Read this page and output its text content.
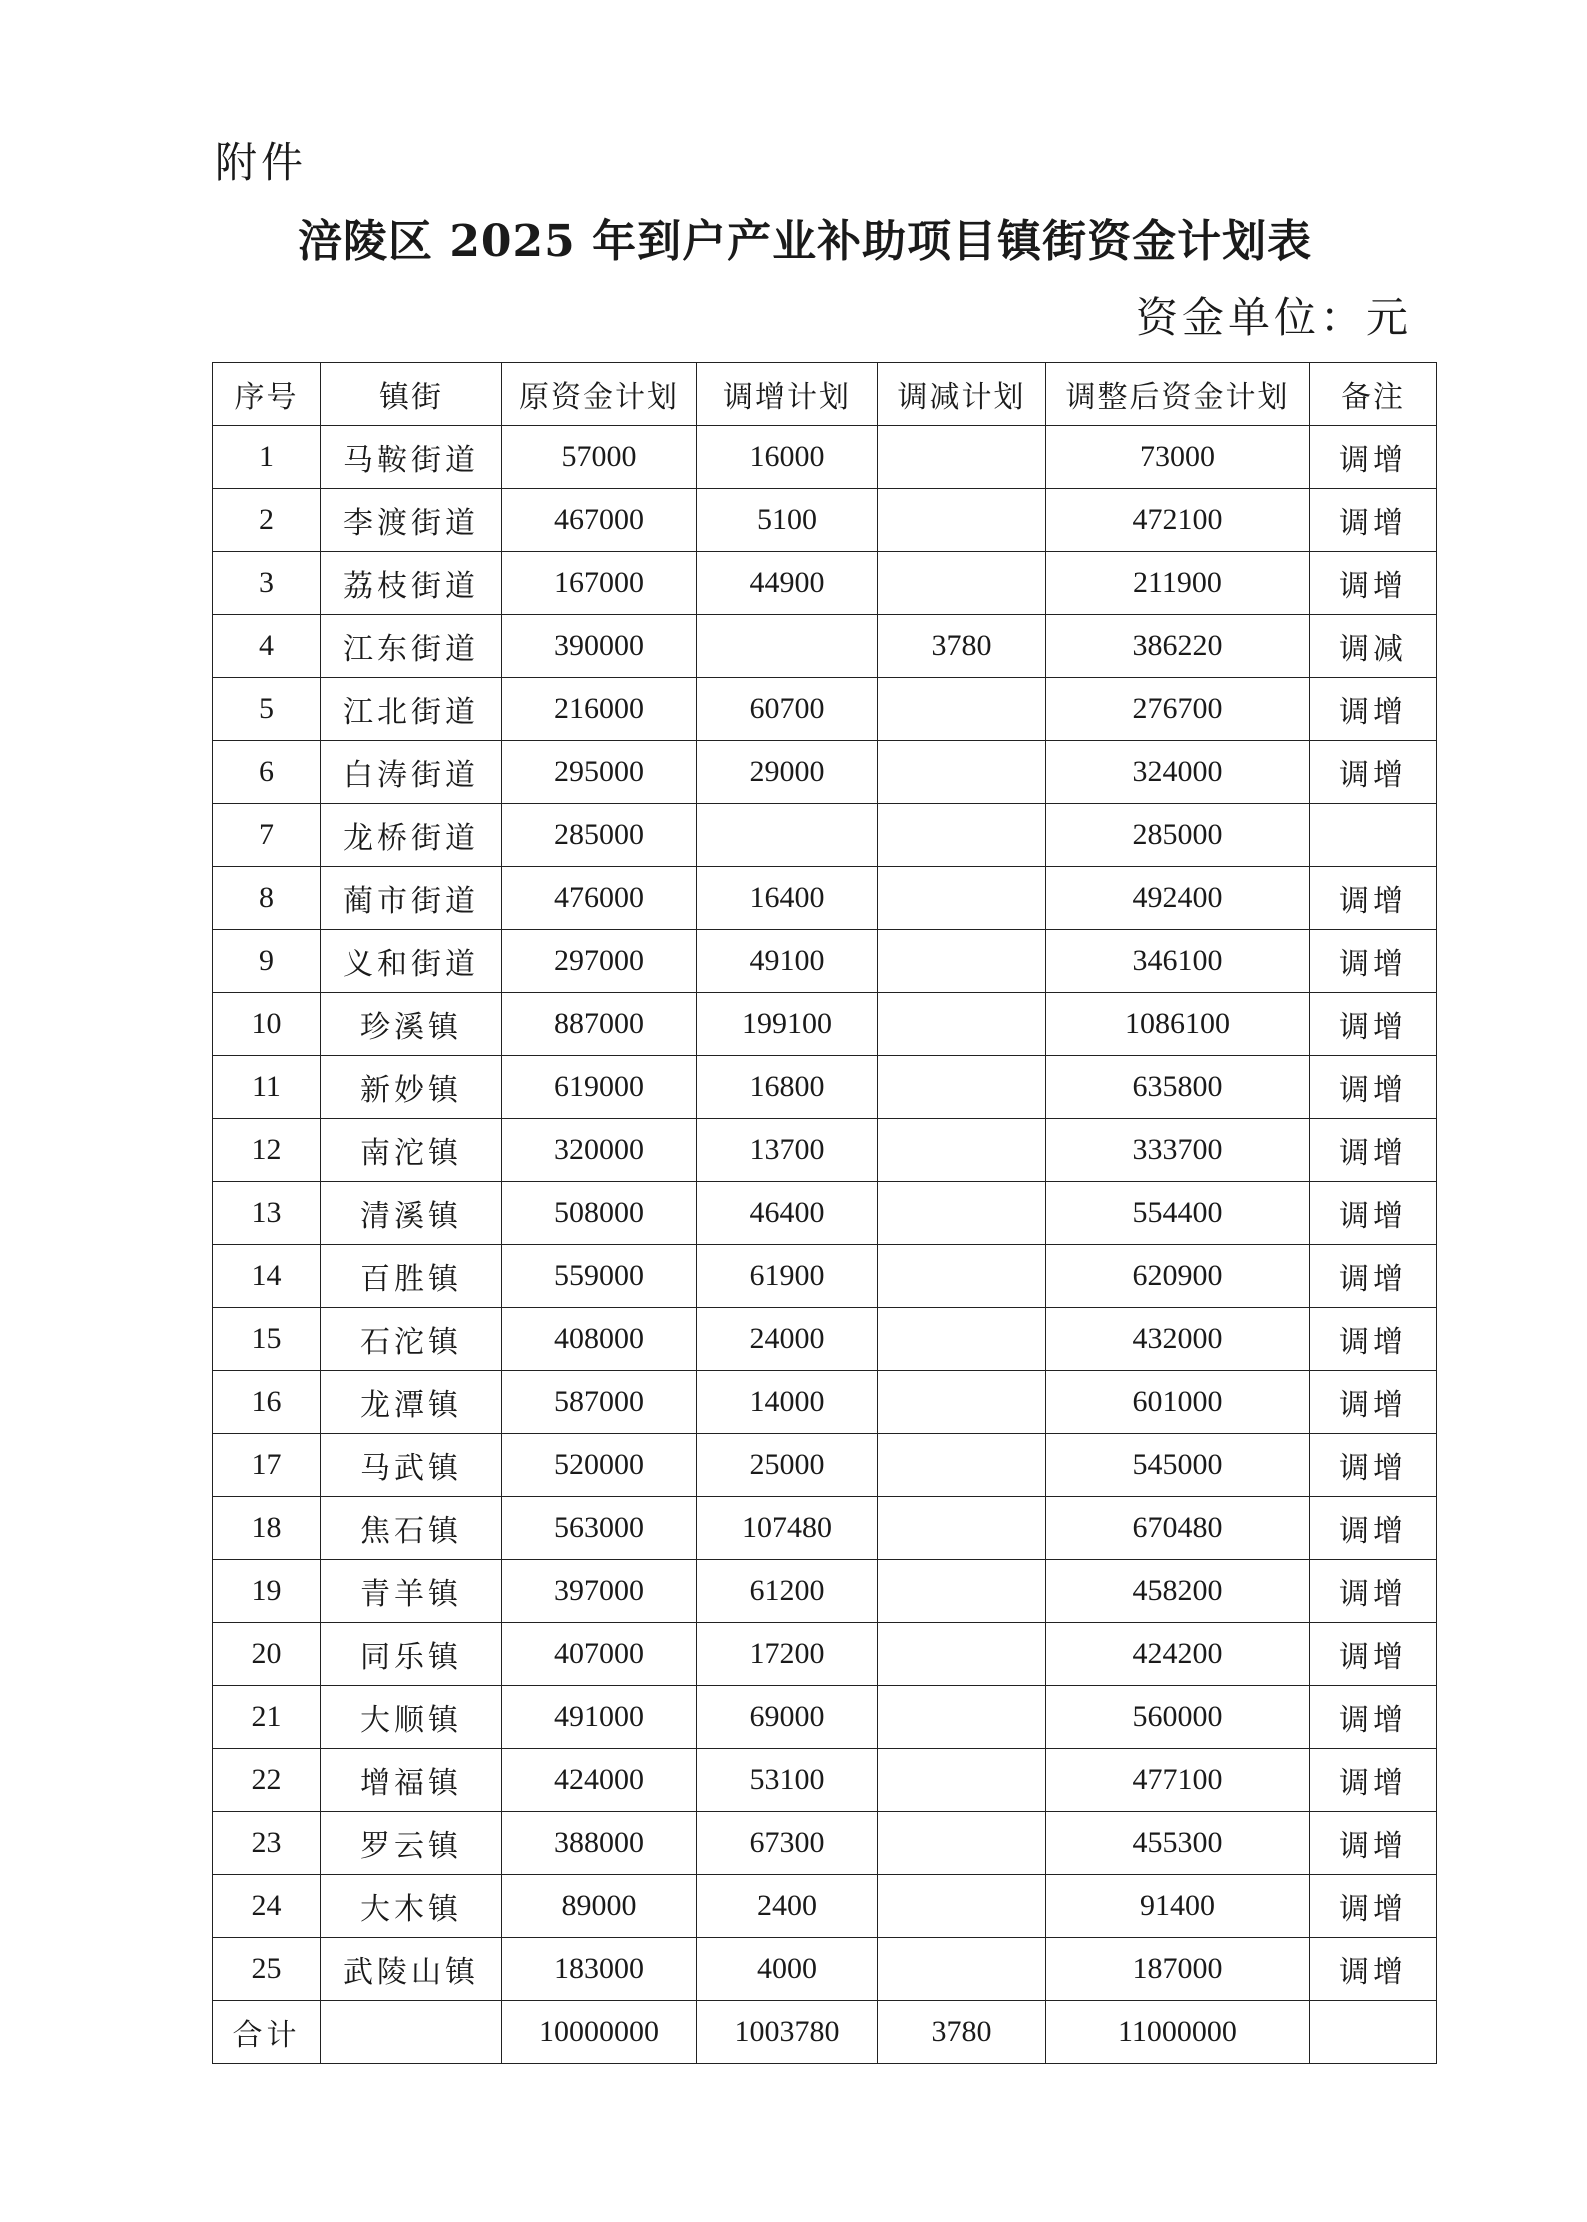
附件
涪陵区 2025 年到户产业补助项目镇街资金计划表
资金单位：元
序号	镇街	原资金计划	调增计划	调减计划	调整后资金计划	备注
1	马鞍街道	57000	16000		73000	调增
2	李渡街道	467000	5100		472100	调增
3	荔枝街道	167000	44900		211900	调增
4	江东街道	390000		3780	386220	调减
5	江北街道	216000	60700		276700	调增
6	白涛街道	295000	29000		324000	调增
7	龙桥街道	285000			285000	
8	蔺市街道	476000	16400		492400	调增
9	义和街道	297000	49100		346100	调增
10	珍溪镇	887000	199100		1086100	调增
11	新妙镇	619000	16800		635800	调增
12	南沱镇	320000	13700		333700	调增
13	清溪镇	508000	46400		554400	调增
14	百胜镇	559000	61900		620900	调增
15	石沱镇	408000	24000		432000	调增
16	龙潭镇	587000	14000		601000	调增
17	马武镇	520000	25000		545000	调增
18	焦石镇	563000	107480		670480	调增
19	青羊镇	397000	61200		458200	调增
20	同乐镇	407000	17200		424200	调增
21	大顺镇	491000	69000		560000	调增
22	增福镇	424000	53100		477100	调增
23	罗云镇	388000	67300		455300	调增
24	大木镇	89000	2400		91400	调增
25	武陵山镇	183000	4000		187000	调增
合计		10000000	1003780	3780	11000000	
